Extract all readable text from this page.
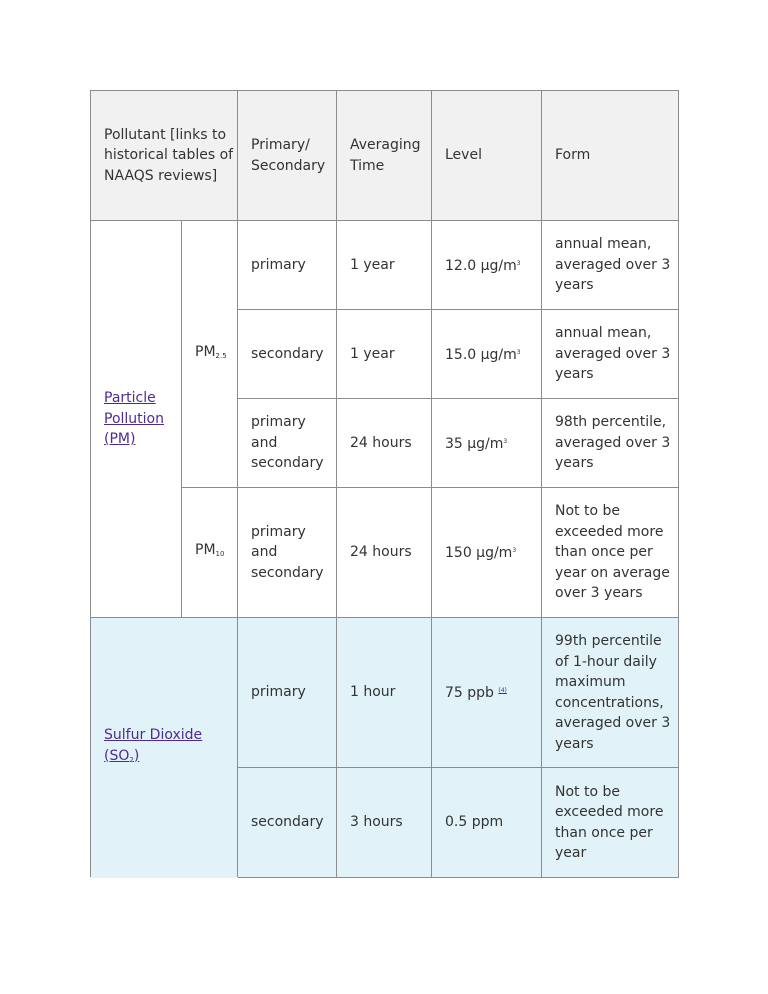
Pollutant [links to historical tables of NAAQS reviews]		Primary/ Secondary	Averaging Time	Level	Form
Particle Pollution (PM)	$PM_{2.5}$	primary	1 year	12.0 $\mu g/m^3$	annual mean, averaged over 3 years
		secondary	1 year	15.0 $\mu g/m^3$	annual mean, averaged over 3 years
		primary and secondary	24 hours	35 $\mu g/m^3$	98th percentile, averaged over 3 years
	$PM_{10}$	primary and secondary	24 hours	150 $\mu g/m^3$	Not to be exceeded more than once per year on average over 3 years
Sulfur Dioxide $(SO_2)$		primary	1 hour	75 ppb $^{(4)}$	99th percentile of 1-hour daily maximum concentrations, averaged over 3 years
		secondary	3 hours	0.5 ppm	Not to be exceeded more than once per year
